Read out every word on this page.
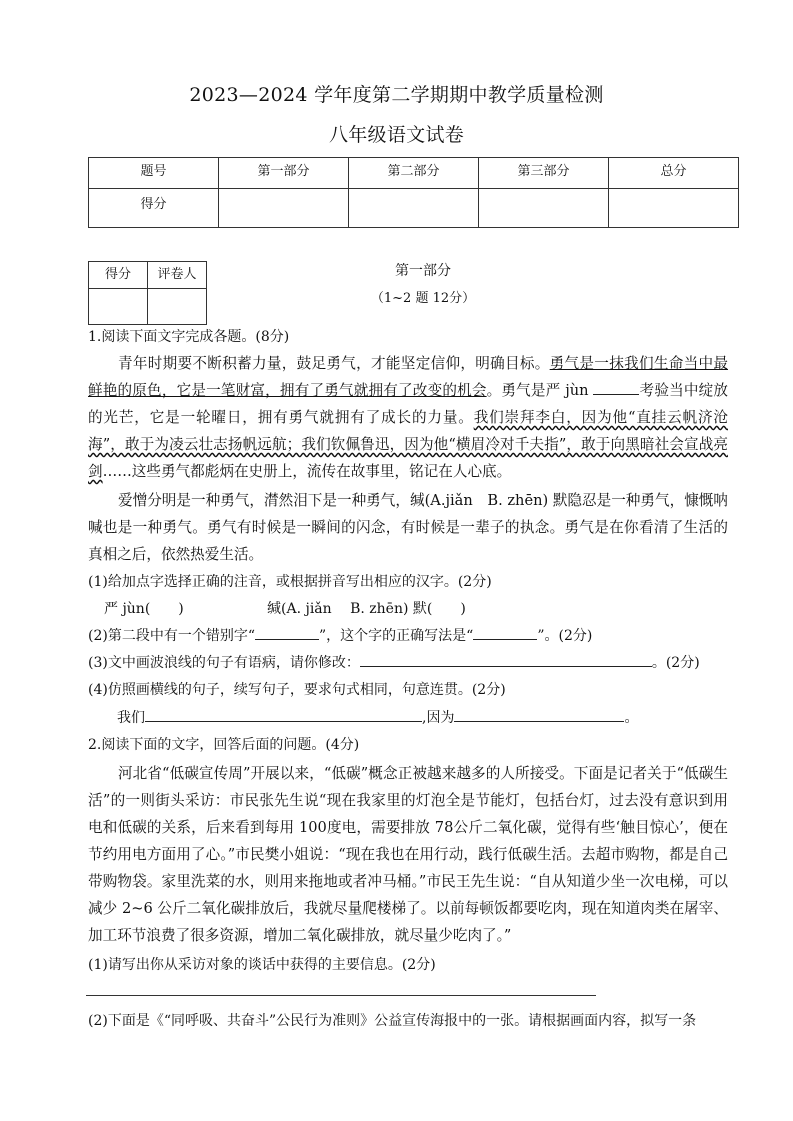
2023—2024 学年度第二学期期中教学质量检测
八年级语文试卷
题号	第一部分	第二部分	第三部分	总分
得分				
得分	评卷人
		第一部分
（1~2 题 12分）
1.阅读下面文字完成各题。(8分)
青年时期要不断积蓄力量，鼓足勇气，才能坚定信仰，明确目标。勇气是一抹我们生命当中最鲜艳的原色，它是一笔财富，拥有了勇气就拥有了改变的机会。勇气是严 jùn	考验当中绽放的光芒，它是一轮曜日，拥有勇气就拥有了成长的力量。我们崇拜李白，因为他“直挂云帆济沧海”，敢于为凌云壮志扬帆远航；我们钦佩鲁迅，因为他“横眉冷对千夫指”，敢于向黑暗社会宣战亮剑……这些勇气都彪炳在史册上，流传在故事里，铭记在人心底。
爱憎分明是一种勇气，潸然泪下是一种勇气，缄(A.jiǎn　B. zhēn) 默隐忍是一种勇气，慷慨呐喊也是一种勇气。勇气有时候是一瞬间的闪念，有时候是一辈子的执念。勇气是在你看清了生活的真相之后，依然热爱生活。
(1)给加点字选择正确的注音，或根据拼音写出相应的汉字。(2分)
严 jùn(　　)	缄(A. jiǎn　 B. zhēn) 默(　　)
(2)第二段中有一个错别字“	”，这个字的正确写法是“	”。(2分)
(3)文中画波浪线的句子有语病，请你修改：	。(2分)
(4)仿照画横线的句子，续写句子，要求句式相同，句意连贯。(2分)
我们	,因为	。
2.阅读下面的文字，回答后面的问题。(4分)
河北省“低碳宣传周”开展以来，“低碳”概念正被越来越多的人所接受。下面是记者关于“低碳生活”的一则街头采访：市民张先生说“现在我家里的灯泡全是节能灯，包括台灯，过去没有意识到用电和低碳的关系，后来看到每用 100度电，需要排放 78公斤二氧化碳，觉得有些‘触目惊心’，便在节约用电方面用了心。”市民樊小姐说：“现在我也在用行动，践行低碳生活。去超市购物，都是自己带购物袋。家里洗菜的水，则用来拖地或者冲马桶。”市民王先生说：“自从知道少坐一次电梯，可以减少 2~6 公斤二氧化碳排放后，我就尽量爬楼梯了。以前每顿饭都要吃肉，现在知道肉类在屠宰、加工环节浪费了很多资源，增加二氧化碳排放，就尽量少吃肉了。”
(1)请写出你从采访对象的谈话中获得的主要信息。(2分)
(2)下面是《“同呼吸、共奋斗”公民行为准则》公益宣传海报中的一张。请根据画面内容，拟写一条
